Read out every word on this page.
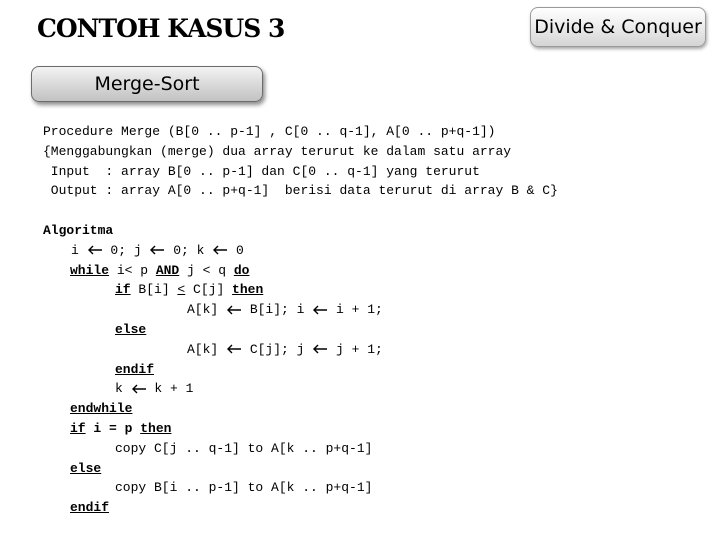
CONTOH KASUS 3	Divide & Conquer
Merge-Sort
Procedure Merge (B[0 .. p-1] , C[0 .. q-1], A[0 .. p+q-1])
{Menggabungkan (merge) dua array terurut ke dalam satu array
Input  : array B[0 .. p-1] dan C[0 .. q-1] yang terurut
Output : array A[0 .. p+q-1]  berisi data terurut di array B & C}
Algoritma
i
0; j
0; k
0
while i< p AND j < q do
if B[i] ≤ C[j] then
A[k]
B[i]; i
i + 1;
else
A[k]
C[j]; j
j + 1;
endif
k
k + 1
endwhile
if i = p then
copy C[j .. q-1] to A[k .. p+q-1]
else
copy B[i .. p-1] to A[k .. p+q-1]
endif
